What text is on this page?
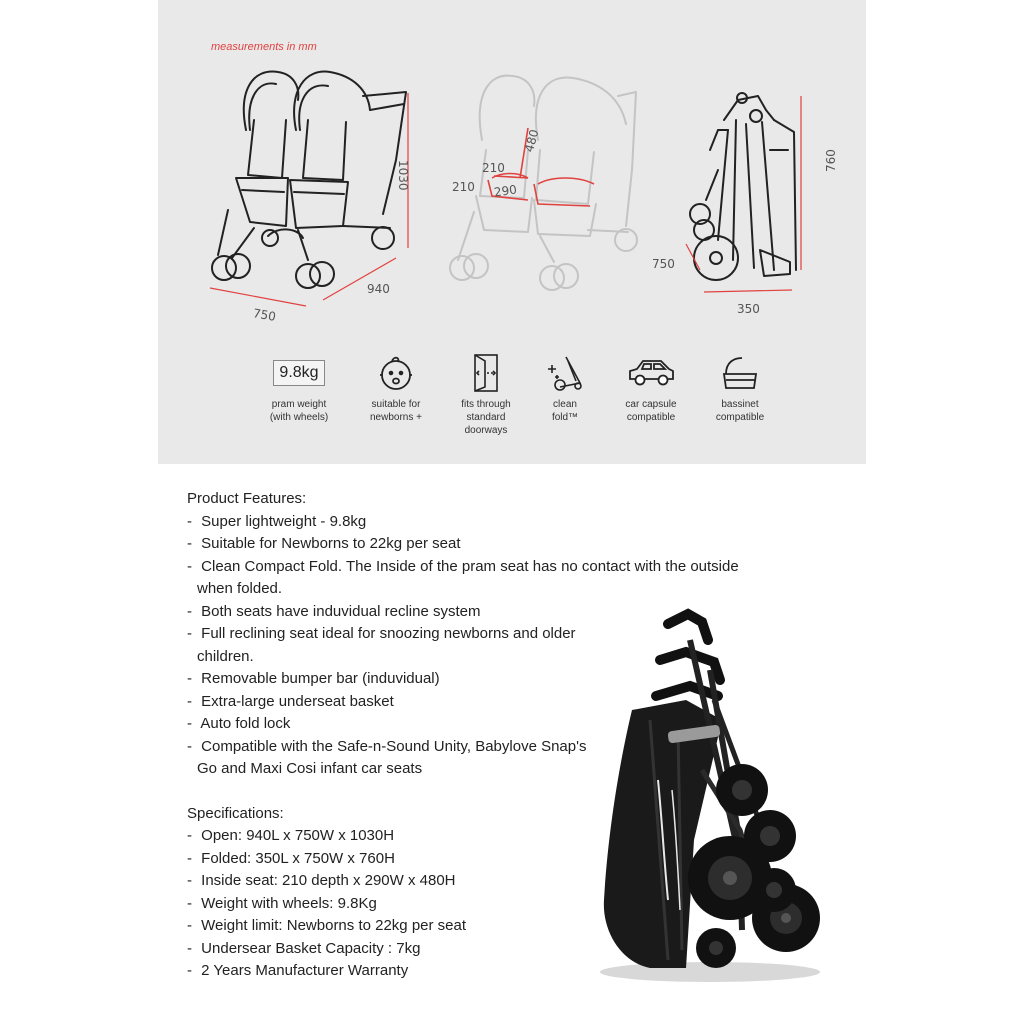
measurements in mm
1030
940
750
480
210
210 290
760
750
350
9.8kg
pram weight
(with wheels)
suitable for
newborns +
fits through
standard
doorways
clean
fold™
car capsule
compatible
bassinet
compatible

Product Features:

- Super lightweight - 9.8kg
- Suitable for Newborns to 22kg per seat
- Clean Compact Fold. The Inside of the pram seat has no contact with the outside when folded.
- Both seats have induvidual recline system
- Full reclining seat ideal for snoozing newborns and older children.
- Removable bumper bar (induvidual)
- Extra-large underseat basket
- Auto fold lock
- Compatible with the Safe-n-Sound Unity, Babylove Snap's Go and Maxi Cosi infant car seats

Specifications:

- Open: 940L x 750W x 1030H
- Folded: 350L x 750W x 760H
- Inside seat: 210 depth x 290W x 480H
- Weight with wheels: 9.8Kg
- Weight limit: Newborns to 22kg per seat
- Undersear Basket Capacity : 7kg
- 2 Years Manufacturer Warranty
